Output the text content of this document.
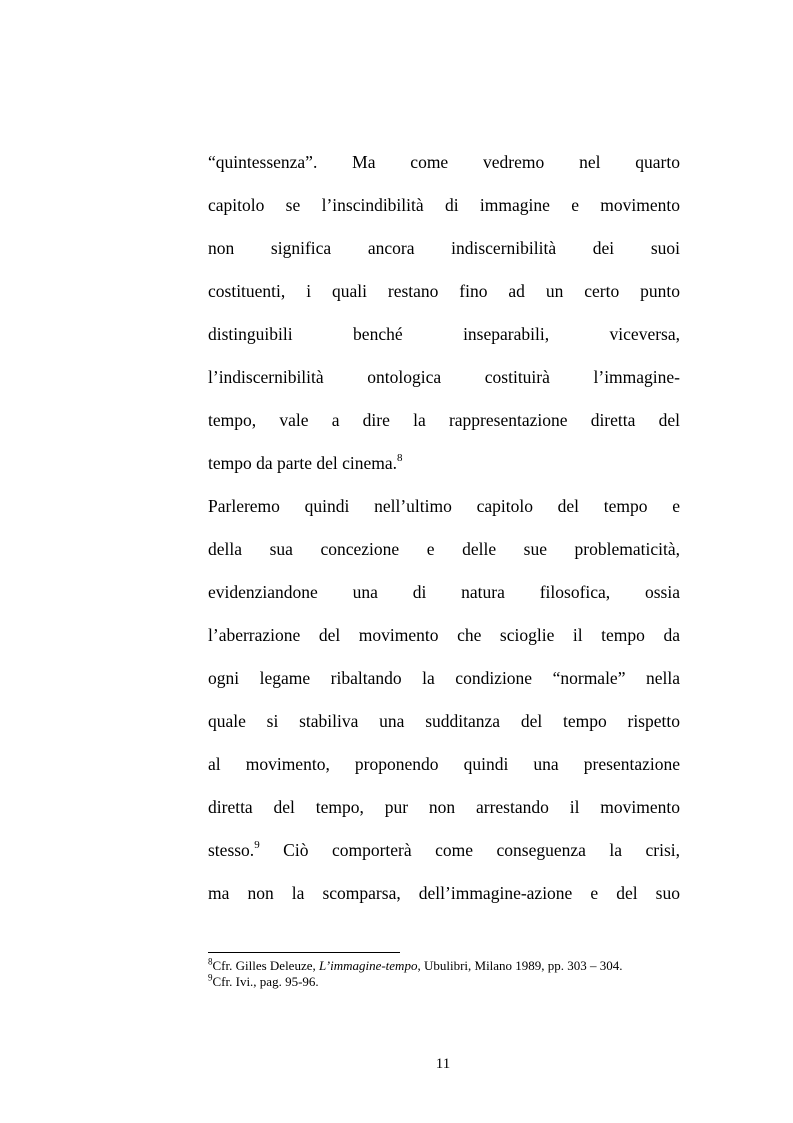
“quintessenza”. Ma come vedremo nel quarto
capitolo se l’inscindibilità di immagine e movimento
non significa ancora indiscernibilità dei suoi
costituenti, i quali restano fino ad un certo punto
distinguibili benché inseparabili, viceversa,
l’indiscernibilità ontologica costituirà l’immagine-
tempo, vale a dire la rappresentazione diretta del
tempo da parte del cinema.$^8$
Parleremo quindi nell’ultimo capitolo del tempo e
della sua concezione e delle sue problematicità,
evidenziandone una di natura filosofica, ossia
l’aberrazione del movimento che scioglie il tempo da
ogni legame ribaltando la condizione “normale” nella
quale si stabiliva una sudditanza del tempo rispetto
al movimento, proponendo quindi una presentazione
diretta del tempo, pur non arrestando il movimento
stesso.$^9$ Ciò comporterà come conseguenza la crisi,
ma non la scomparsa, dell’immagine-azione e del suo
$^8$Cfr. Gilles Deleuze, L’immagine-tempo, Ubulibri, Milano 1989, pp. 303 – 304.
$^9$Cfr. Ivi., pag. 95-96.
11
